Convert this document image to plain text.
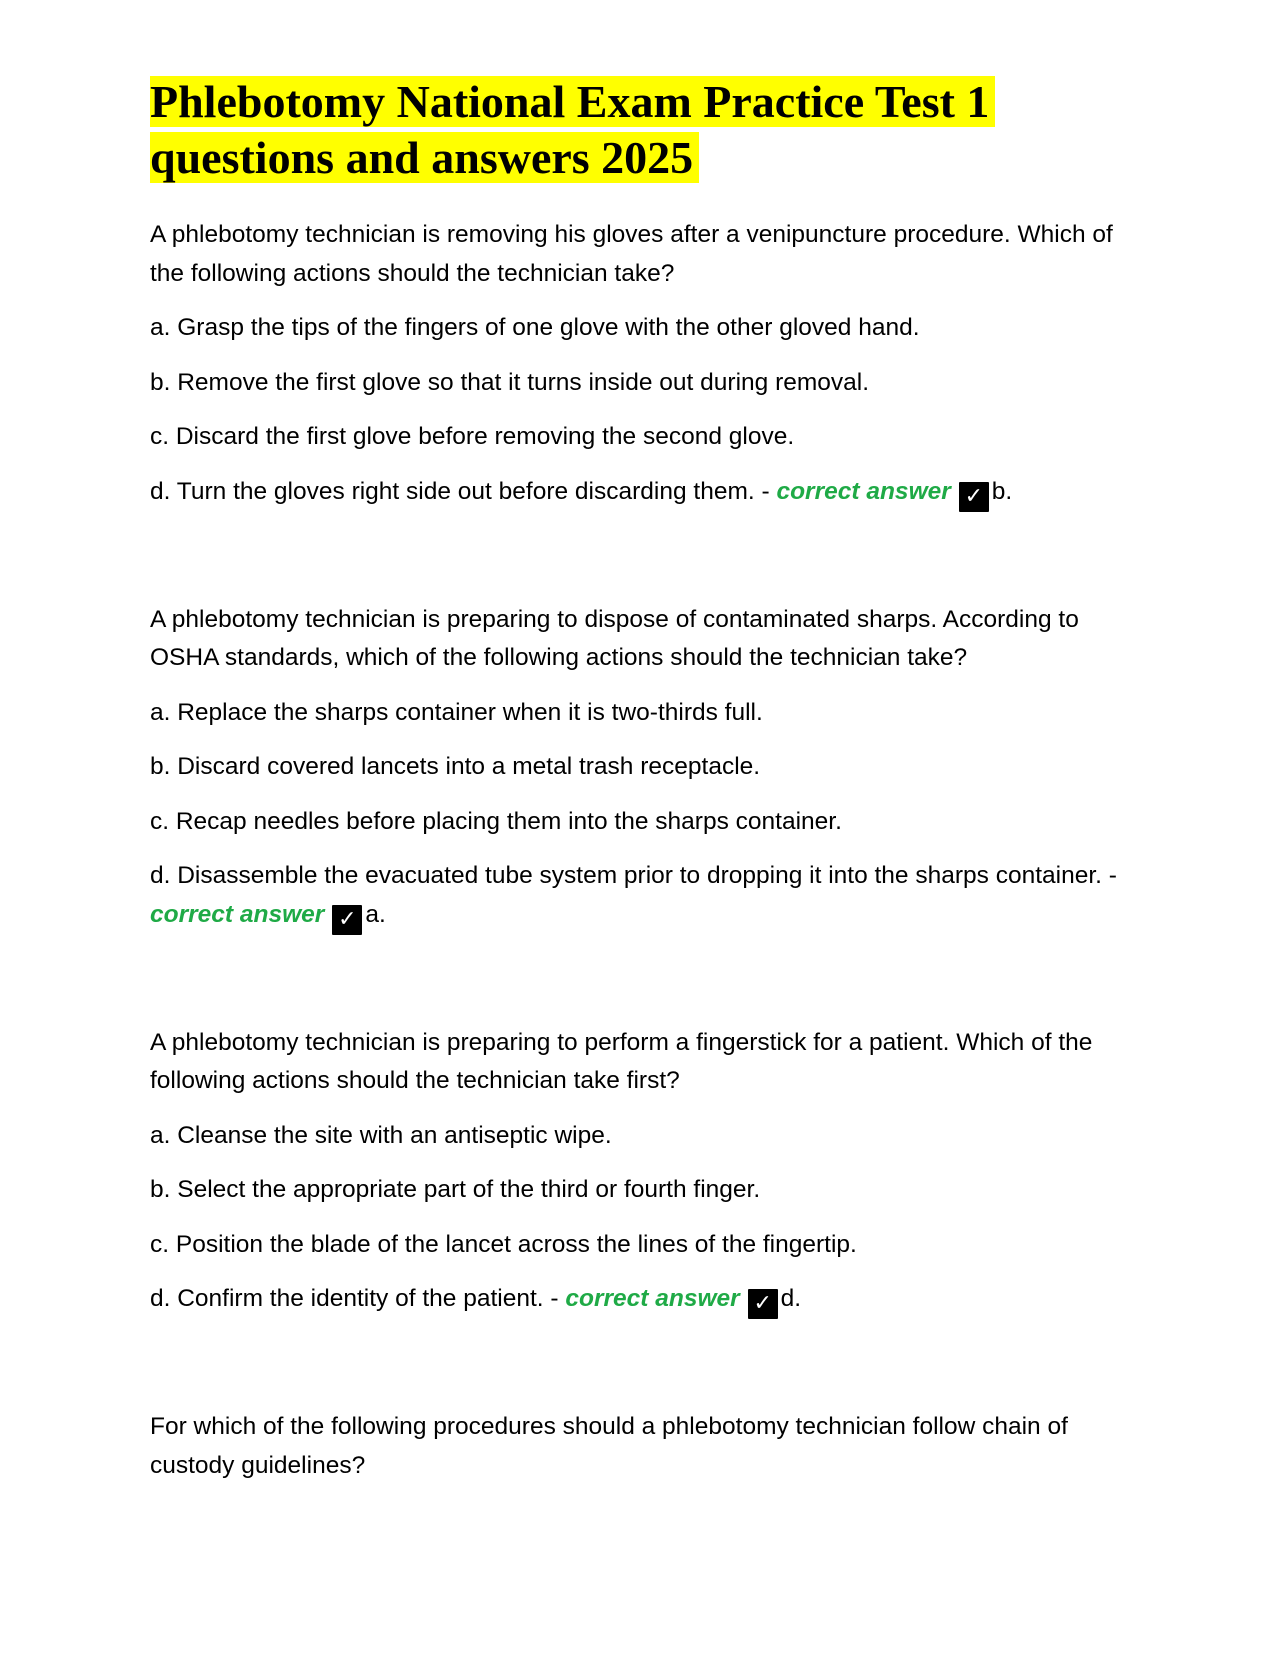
Phlebotomy National Exam Practice Test 1
questions and answers 2025

A phlebotomy technician is removing his gloves after a venipuncture procedure. Which of the following actions should the technician take?

a. Grasp the tips of the fingers of one glove with the other gloved hand.

b. Remove the first glove so that it turns inside out during removal.

c. Discard the first glove before removing the second glove.

d. Turn the gloves right side out before discarding them. - correct answer ✓ b.

A phlebotomy technician is preparing to dispose of contaminated sharps. According to OSHA standards, which of the following actions should the technician take?

a. Replace the sharps container when it is two-thirds full.

b. Discard covered lancets into a metal trash receptacle.

c. Recap needles before placing them into the sharps container.

d. Disassemble the evacuated tube system prior to dropping it into the sharps container. - correct answer ✓ a.

A phlebotomy technician is preparing to perform a fingerstick for a patient. Which of the following actions should the technician take first?

a. Cleanse the site with an antiseptic wipe.

b. Select the appropriate part of the third or fourth finger.

c. Position the blade of the lancet across the lines of the fingertip.

d. Confirm the identity of the patient. - correct answer ✓ d.

For which of the following procedures should a phlebotomy technician follow chain of custody guidelines?
